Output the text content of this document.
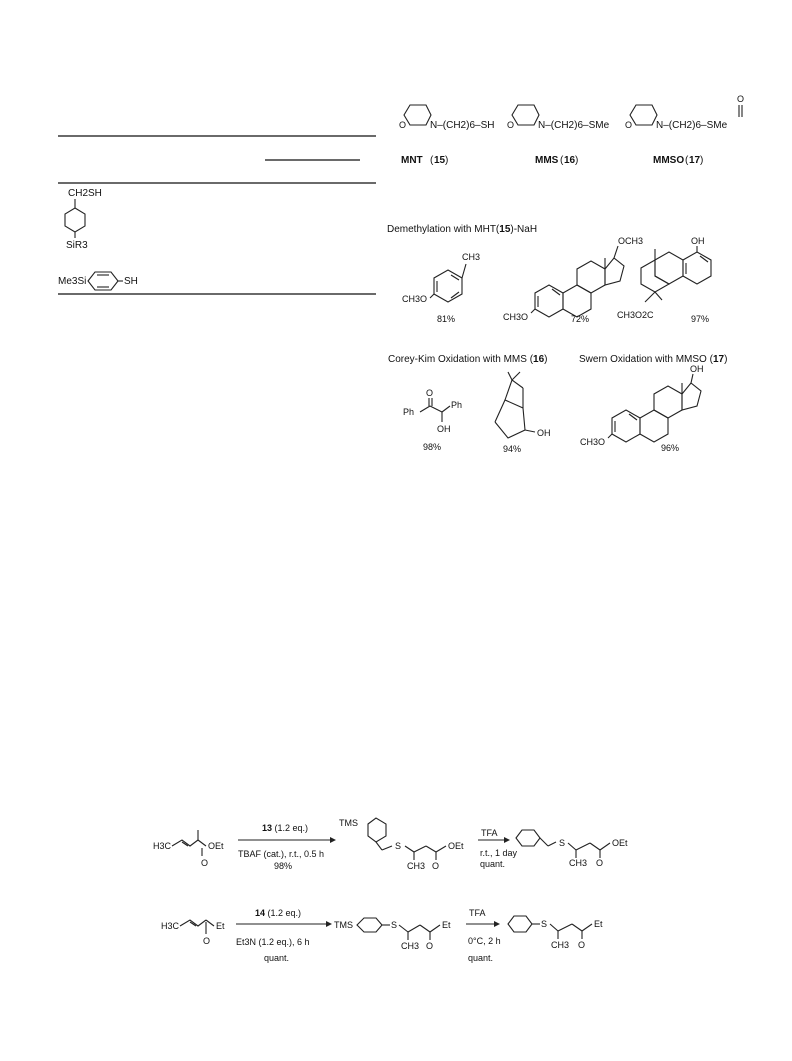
CH2SH
SiR3
Me3Si	SH
O N–(CH2)6–SH
MNT ( 15 )
O N–(CH2)6–SMe
MMS ( 16 )
O N–(CH2)6–SMe
O
MMSO ( 17 )
Demethylation with MHT(15)-NaH
CH3
CH3O
81%
OCH3
CH3O	72%
OH
CH3O2C	97%
Corey-Kim Oxidation with MMS (16)
O
Ph
Ph
OH
98%
OH
94%
Swern Oxidation with MMSO (17)
OH
CH3O
96%
H3C	OEt
O
13 (1.2 eq.)
TBAF (cat.), r.t., 0.5 h
98%
TMS
S	OEt
CH3 O
TFA
r.t., 1 day
quant.
S	OEt
CH3 O
H3C	Et
O
14 (1.2 eq.)
Et3N (1.2 eq.), 6 h
quant.
TMS	S	Et
CH3 O
TFA
0°C, 2 h
quant.
S	Et
CH3 O
